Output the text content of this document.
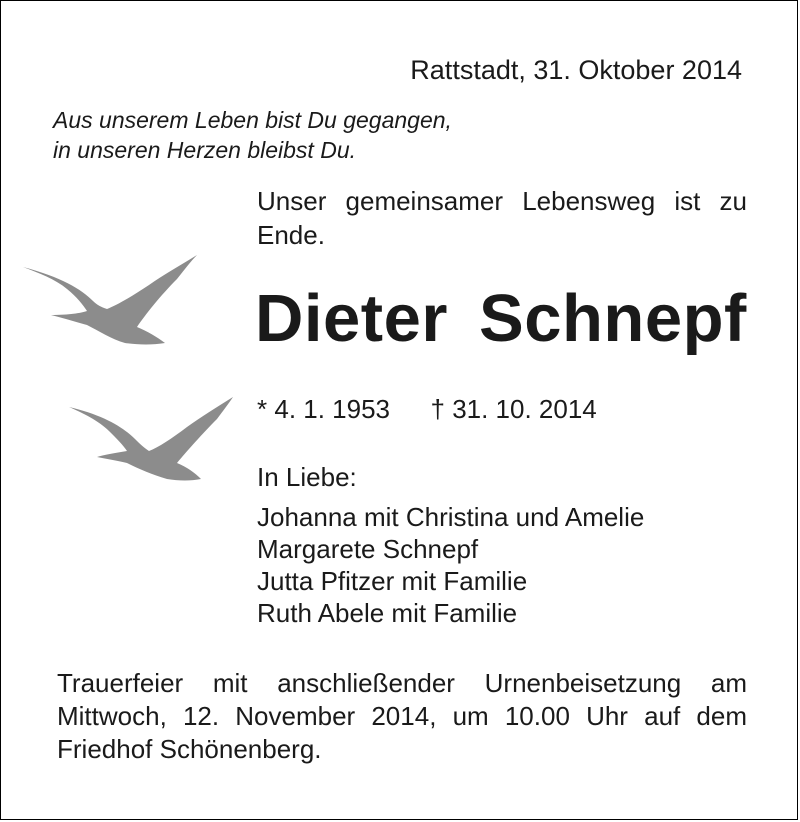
Rattstadt, 31. Oktober 2014
Aus unserem Leben bist Du gegangen,
in unseren Herzen bleibst Du.
Unser gemeinsamer Lebensweg ist zu Ende.
Dieter Schnepf
* 4. 1. 1953 † 31. 10. 2014
In Liebe:
Johanna mit Christina und Amelie
Margarete Schnepf
Jutta Pfitzer mit Familie
Ruth Abele mit Familie
Trauerfeier mit anschließender Urnenbeisetzung am Mittwoch, 12. November 2014, um 10.00 Uhr auf dem Friedhof Schönenberg.
